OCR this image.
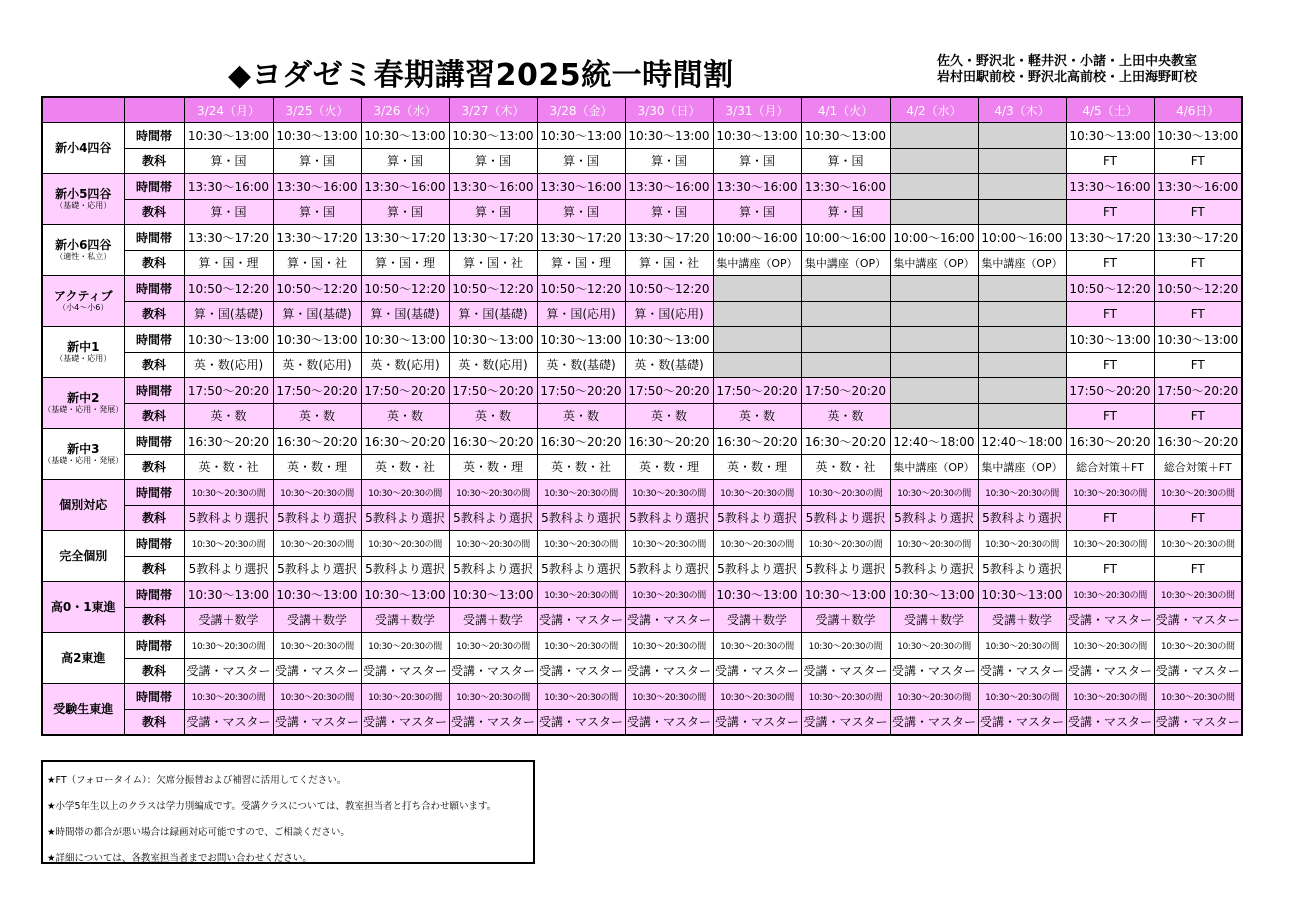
◆ヨダゼミ春期講習2025統一時間割	佐久・野沢北・軽井沢・小諸・上田中央教室
岩村田駅前校・野沢北高前校・上田海野町校
		3/24（月）	3/25（火）	3/26（水）	3/27（木）	3/28（金）	3/30（日）	3/31（月）	4/1（火）	4/2（水）	4/3（木）	4/5（土）	4/6日）
新小4四谷	時間帯	10:30～13:00	10:30～13:00	10:30～13:00	10:30～13:00	10:30～13:00	10:30～13:00	10:30～13:00	10:30～13:00			10:30～13:00	10:30～13:00
	教科	算・国	算・国	算・国	算・国	算・国	算・国	算・国	算・国			FT	FT
新小5四谷
（基礎・応用）	時間帯	13:30～16:00	13:30～16:00	13:30～16:00	13:30～16:00	13:30～16:00	13:30～16:00	13:30～16:00	13:30～16:00			13:30～16:00	13:30～16:00
	教科	算・国	算・国	算・国	算・国	算・国	算・国	算・国	算・国			FT	FT
新小6四谷
（適性・私立）	時間帯	13:30～17:20	13:30～17:20	13:30～17:20	13:30～17:20	13:30～17:20	13:30～17:20	10:00～16:00	10:00～16:00	10:00～16:00	10:00～16:00	13:30～17:20	13:30～17:20
	教科	算・国・理	算・国・社	算・国・理	算・国・社	算・国・理	算・国・社	集中講座（OP）	集中講座（OP）	集中講座（OP）	集中講座（OP）	FT	FT
アクティブ
（小4～小6）	時間帯	10:50～12:20	10:50～12:20	10:50～12:20	10:50～12:20	10:50～12:20	10:50～12:20					10:50～12:20	10:50～12:20
	教科	算・国(基礎)	算・国(基礎)	算・国(基礎)	算・国(基礎)	算・国(応用)	算・国(応用)					FT	FT
新中1
（基礎・応用）	時間帯	10:30～13:00	10:30～13:00	10:30～13:00	10:30～13:00	10:30～13:00	10:30～13:00					10:30～13:00	10:30～13:00
	教科	英・数(応用)	英・数(応用)	英・数(応用)	英・数(応用)	英・数(基礎)	英・数(基礎)					FT	FT
新中2
（基礎・応用・発展）	時間帯	17:50～20:20	17:50～20:20	17:50～20:20	17:50～20:20	17:50～20:20	17:50～20:20	17:50～20:20	17:50～20:20			17:50～20:20	17:50～20:20
	教科	英・数	英・数	英・数	英・数	英・数	英・数	英・数	英・数			FT	FT
新中3
（基礎・応用・発展）	時間帯	16:30～20:20	16:30～20:20	16:30～20:20	16:30～20:20	16:30～20:20	16:30～20:20	16:30～20:20	16:30～20:20	12:40～18:00	12:40～18:00	16:30～20:20	16:30～20:20
	教科	英・数・社	英・数・理	英・数・社	英・数・理	英・数・社	英・数・理	英・数・理	英・数・社	集中講座（OP）	集中講座（OP）	総合対策＋FT	総合対策＋FT
個別対応	時間帯	10:30～20:30の間	10:30～20:30の間	10:30～20:30の間	10:30～20:30の間	10:30～20:30の間	10:30～20:30の間	10:30～20:30の間	10:30～20:30の間	10:30～20:30の間	10:30～20:30の間	10:30～20:30の間	10:30～20:30の間
	教科	5教科より選択	5教科より選択	5教科より選択	5教科より選択	5教科より選択	5教科より選択	5教科より選択	5教科より選択	5教科より選択	5教科より選択	FT	FT
完全個別	時間帯	10:30～20:30の間	10:30～20:30の間	10:30～20:30の間	10:30～20:30の間	10:30～20:30の間	10:30～20:30の間	10:30～20:30の間	10:30～20:30の間	10:30～20:30の間	10:30～20:30の間	10:30～20:30の間	10:30～20:30の間
	教科	5教科より選択	5教科より選択	5教科より選択	5教科より選択	5教科より選択	5教科より選択	5教科より選択	5教科より選択	5教科より選択	5教科より選択	FT	FT
高0・1東進	時間帯	10:30～13:00	10:30～13:00	10:30～13:00	10:30～13:00	10:30～20:30の間	10:30～20:30の間	10:30～13:00	10:30～13:00	10:30～13:00	10:30～13:00	10:30～20:30の間	10:30～20:30の間
	教科	受講＋数学	受講＋数学	受講＋数学	受講＋数学	受講・マスター	受講・マスター	受講＋数学	受講＋数学	受講＋数学	受講＋数学	受講・マスター	受講・マスター
高2東進	時間帯	10:30～20:30の間	10:30～20:30の間	10:30～20:30の間	10:30～20:30の間	10:30～20:30の間	10:30～20:30の間	10:30～20:30の間	10:30～20:30の間	10:30～20:30の間	10:30～20:30の間	10:30～20:30の間	10:30～20:30の間
	教科	受講・マスター	受講・マスター	受講・マスター	受講・マスター	受講・マスター	受講・マスター	受講・マスター	受講・マスター	受講・マスター	受講・マスター	受講・マスター	受講・マスター
受験生東進	時間帯	10:30～20:30の間	10:30～20:30の間	10:30～20:30の間	10:30～20:30の間	10:30～20:30の間	10:30～20:30の間	10:30～20:30の間	10:30～20:30の間	10:30～20:30の間	10:30～20:30の間	10:30～20:30の間	10:30～20:30の間
	教科	受講・マスター	受講・マスター	受講・マスター	受講・マスター	受講・マスター	受講・マスター	受講・マスター	受講・マスター	受講・マスター	受講・マスター	受講・マスター	受講・マスター
★FT（フォロータイム）：欠席分振替および補習に活用してください。
★小学5年生以上のクラスは学力別編成です。受講クラスについては、教室担当者と打ち合わせ願います。
★時間帯の都合が悪い場合は録画対応可能ですので、ご相談ください。
★詳細については、各教室担当者までお問い合わせください。
